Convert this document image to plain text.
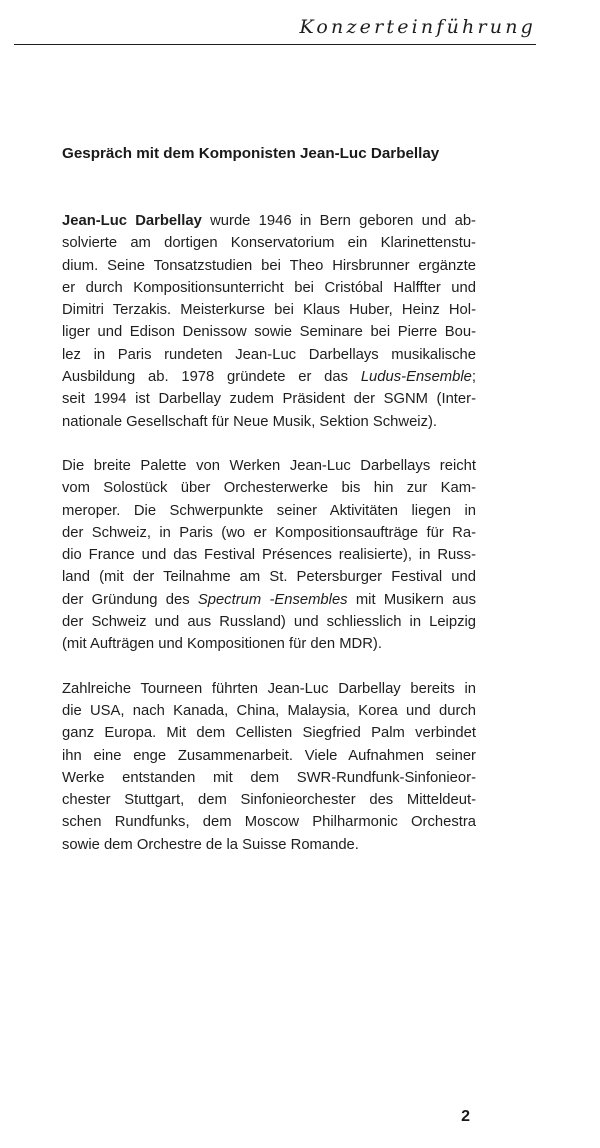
Konzerteinführung
Gespräch mit dem Komponisten Jean-Luc Darbellay
Jean-Luc Darbellay wurde 1946 in Bern geboren und ab-
solvierte am dortigen Konservatorium ein Klarinettenstu-
dium. Seine Tonsatzstudien bei Theo Hirsbrunner ergänzte
er durch Kompositionsunterricht bei Cristóbal Halffter und
Dimitri Terzakis. Meisterkurse bei Klaus Huber, Heinz Hol-
liger und Edison Denissow sowie Seminare bei Pierre Bou-
lez in Paris rundeten Jean-Luc Darbellays musikalische
Ausbildung ab. 1978 gründete er das Ludus-Ensemble;
seit 1994 ist Darbellay zudem Präsident der SGNM (Inter-
nationale Gesellschaft für Neue Musik, Sektion Schweiz).
Die breite Palette von Werken Jean-Luc Darbellays reicht
vom Solostück über Orchesterwerke bis hin zur Kam-
meroper. Die Schwerpunkte seiner Aktivitäten liegen in
der Schweiz, in Paris (wo er Kompositionsaufträge für Ra-
dio France und das Festival Présences realisierte), in Russ-
land (mit der Teilnahme am St. Petersburger Festival und
der Gründung des Spectrum -Ensembles mit Musikern aus
der Schweiz und aus Russland) und schliesslich in Leipzig
(mit Aufträgen und Kompositionen für den MDR).
Zahlreiche Tourneen führten Jean-Luc Darbellay bereits in
die USA, nach Kanada, China, Malaysia, Korea und durch
ganz Europa. Mit dem Cellisten Siegfried Palm verbindet
ihn eine enge Zusammenarbeit. Viele Aufnahmen seiner
Werke entstanden mit dem SWR-Rundfunk-Sinfonieor-
chester Stuttgart, dem Sinfonieorchester des Mitteldeut-
schen Rundfunks, dem Moscow Philharmonic Orchestra
sowie dem Orchestre de la Suisse Romande.
2
